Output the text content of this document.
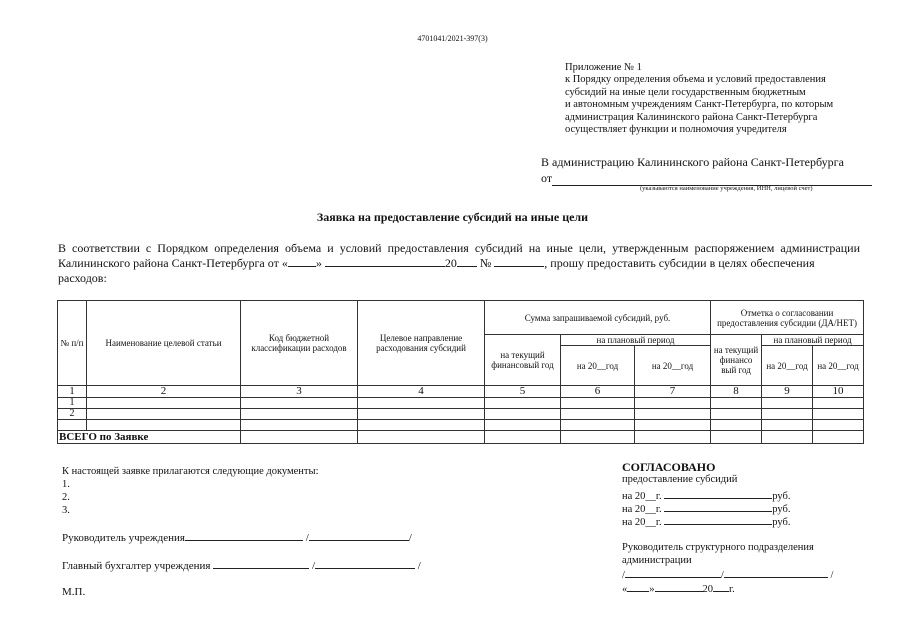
4701041/2021-397(3)
Приложение № 1
к Порядку определения объема и условий предоставления
субсидий на иные цели государственным бюджетным
и автономным учреждениям Санкт-Петербурга, по которым
администрация Калининского района Санкт-Петербурга
осуществляет функции и полномочия учредителя
В администрацию Калининского района Санкт-Петербурга
от
(указываются наименование учреждения, ИНН, лицевой счет)
Заявка на предоставление субсидий на иные цели
В соответствии с Порядком определения объема и условий предоставления субсидий на иные цели, утвержденным распоряжением администрации
Калининского района Санкт-Петербурга от « »	20 №	, прошу предоставить субсидии в целях обеспечения
расходов:
№ п/п	Наименование целевой статьи	Код бюджетной классификации расходов	Целевое направление расходования субсидий	Сумма запрашиваемой субсидий, руб.			Отметка о согласовании предоставления субсидии (ДА/НЕТ)		
				на текущий финансовый год	на плановый период		на текущий финансо вый год	на плановый период	
					на 20__год	на 20__год		на 20__год	на 20__год
1	2	3	4	5	6	7	8	9	10
1									
2									

ВСЕГО по Заявке									
К настоящей заявке прилагаются следующие документы:
1.
2.
3.
Руководитель учреждения	/	/
Главный бухгалтер учреждения	/	/
М.П.
СОГЛАСОВАНО
предоставление субсидий
на 20__г.	руб.
на 20__г.	руб.
на 20__г.	руб.
Руководитель структурного подразделения
администрации
/	/	/
« »	20 г.
